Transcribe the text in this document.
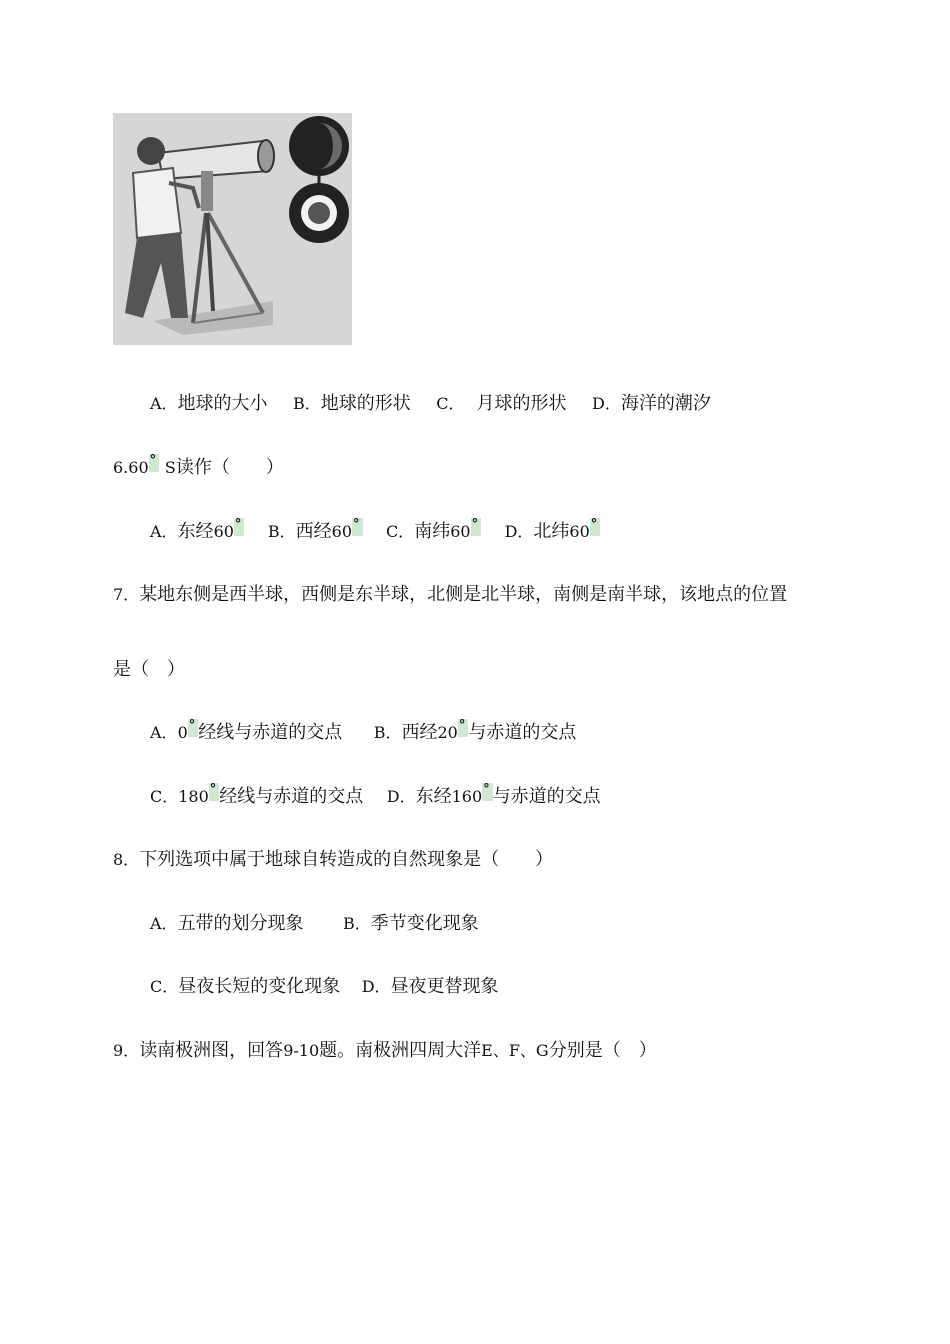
A．地球的大小 B．地球的形状 C． 月球的形状 D．海洋的潮汐
6.60° S读作（　　）
A．东经60° B．西经60° C．南纬60° D．北纬60°
7．某地东侧是西半球，西侧是东半球，北侧是北半球，南侧是南半球，该地点的位置
是（　）
A．0° 经线与赤道的交点 B．西经20° 与赤道的交点
C．180° 经线与赤道的交点 D．东经160° 与赤道的交点
8．下列选项中属于地球自转造成的自然现象是（　　）
A．五带的划分现象 B．季节变化现象
C．昼夜长短的变化现象 D．昼夜更替现象
9．读南极洲图，回答9-10题。南极洲四周大洋E、F、G分别是（　）
